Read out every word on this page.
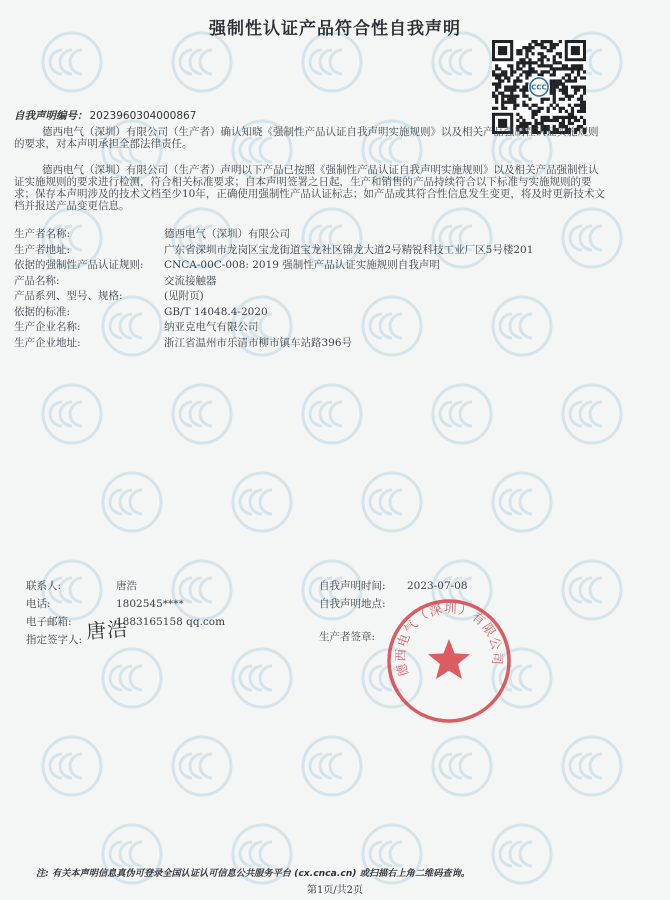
强制性认证产品符合性自我声明
CCC
自我声明编号： 2023960304000867
德西电气（深圳）有限公司（生产者）确认知晓《强制性产品认证自我声明实施规则》以及相关产品强制性认证实施规则的要求，对本声明承担全部法律责任。
德西电气（深圳）有限公司（生产者）声明以下产品已按照《强制性产品认证自我声明实施规则》以及相关产品强制性认证实施规则的要求进行检测，符合相关标准要求；自本声明签署之日起，生产和销售的产品持续符合以下标准与实施规则的要求；保存本声明涉及的技术文档至少10年，正确使用强制性产品认证标志；如产品或其符合性信息发生变更，将及时更新技术文档并报送产品变更信息。
生产者名称:	德西电气（深圳）有限公司
生产者地址:	广东省深圳市龙岗区宝龙街道宝龙社区锦龙大道2号精锐科技工业厂区5号楼201
依据的强制性产品认证规则:	CNCA-00C-008: 2019 强制性产品认证实施规则自我声明
产品名称:	交流接触器
产品系列、型号、规格:	(见附页)
依据的标准:	GB/T 14048.4-2020
生产企业名称:	纳亚克电气有限公司
生产企业地址:	浙江省温州市乐清市柳市镇车站路396号
联系人:	唐浩
电话:	1802545****
电子邮箱:	1883165158 qq.com
指定签字人: 唐浩
自我声明时间:	2023-07-08
自我声明地点:
生产者签章:
德西电气（深圳）有限公司
注: 有关本声明信息真伪可登录全国认证认可信息公共服务平台 (cx.cnca.cn) 或扫描右上角二维码查询。
第1页/共2页
